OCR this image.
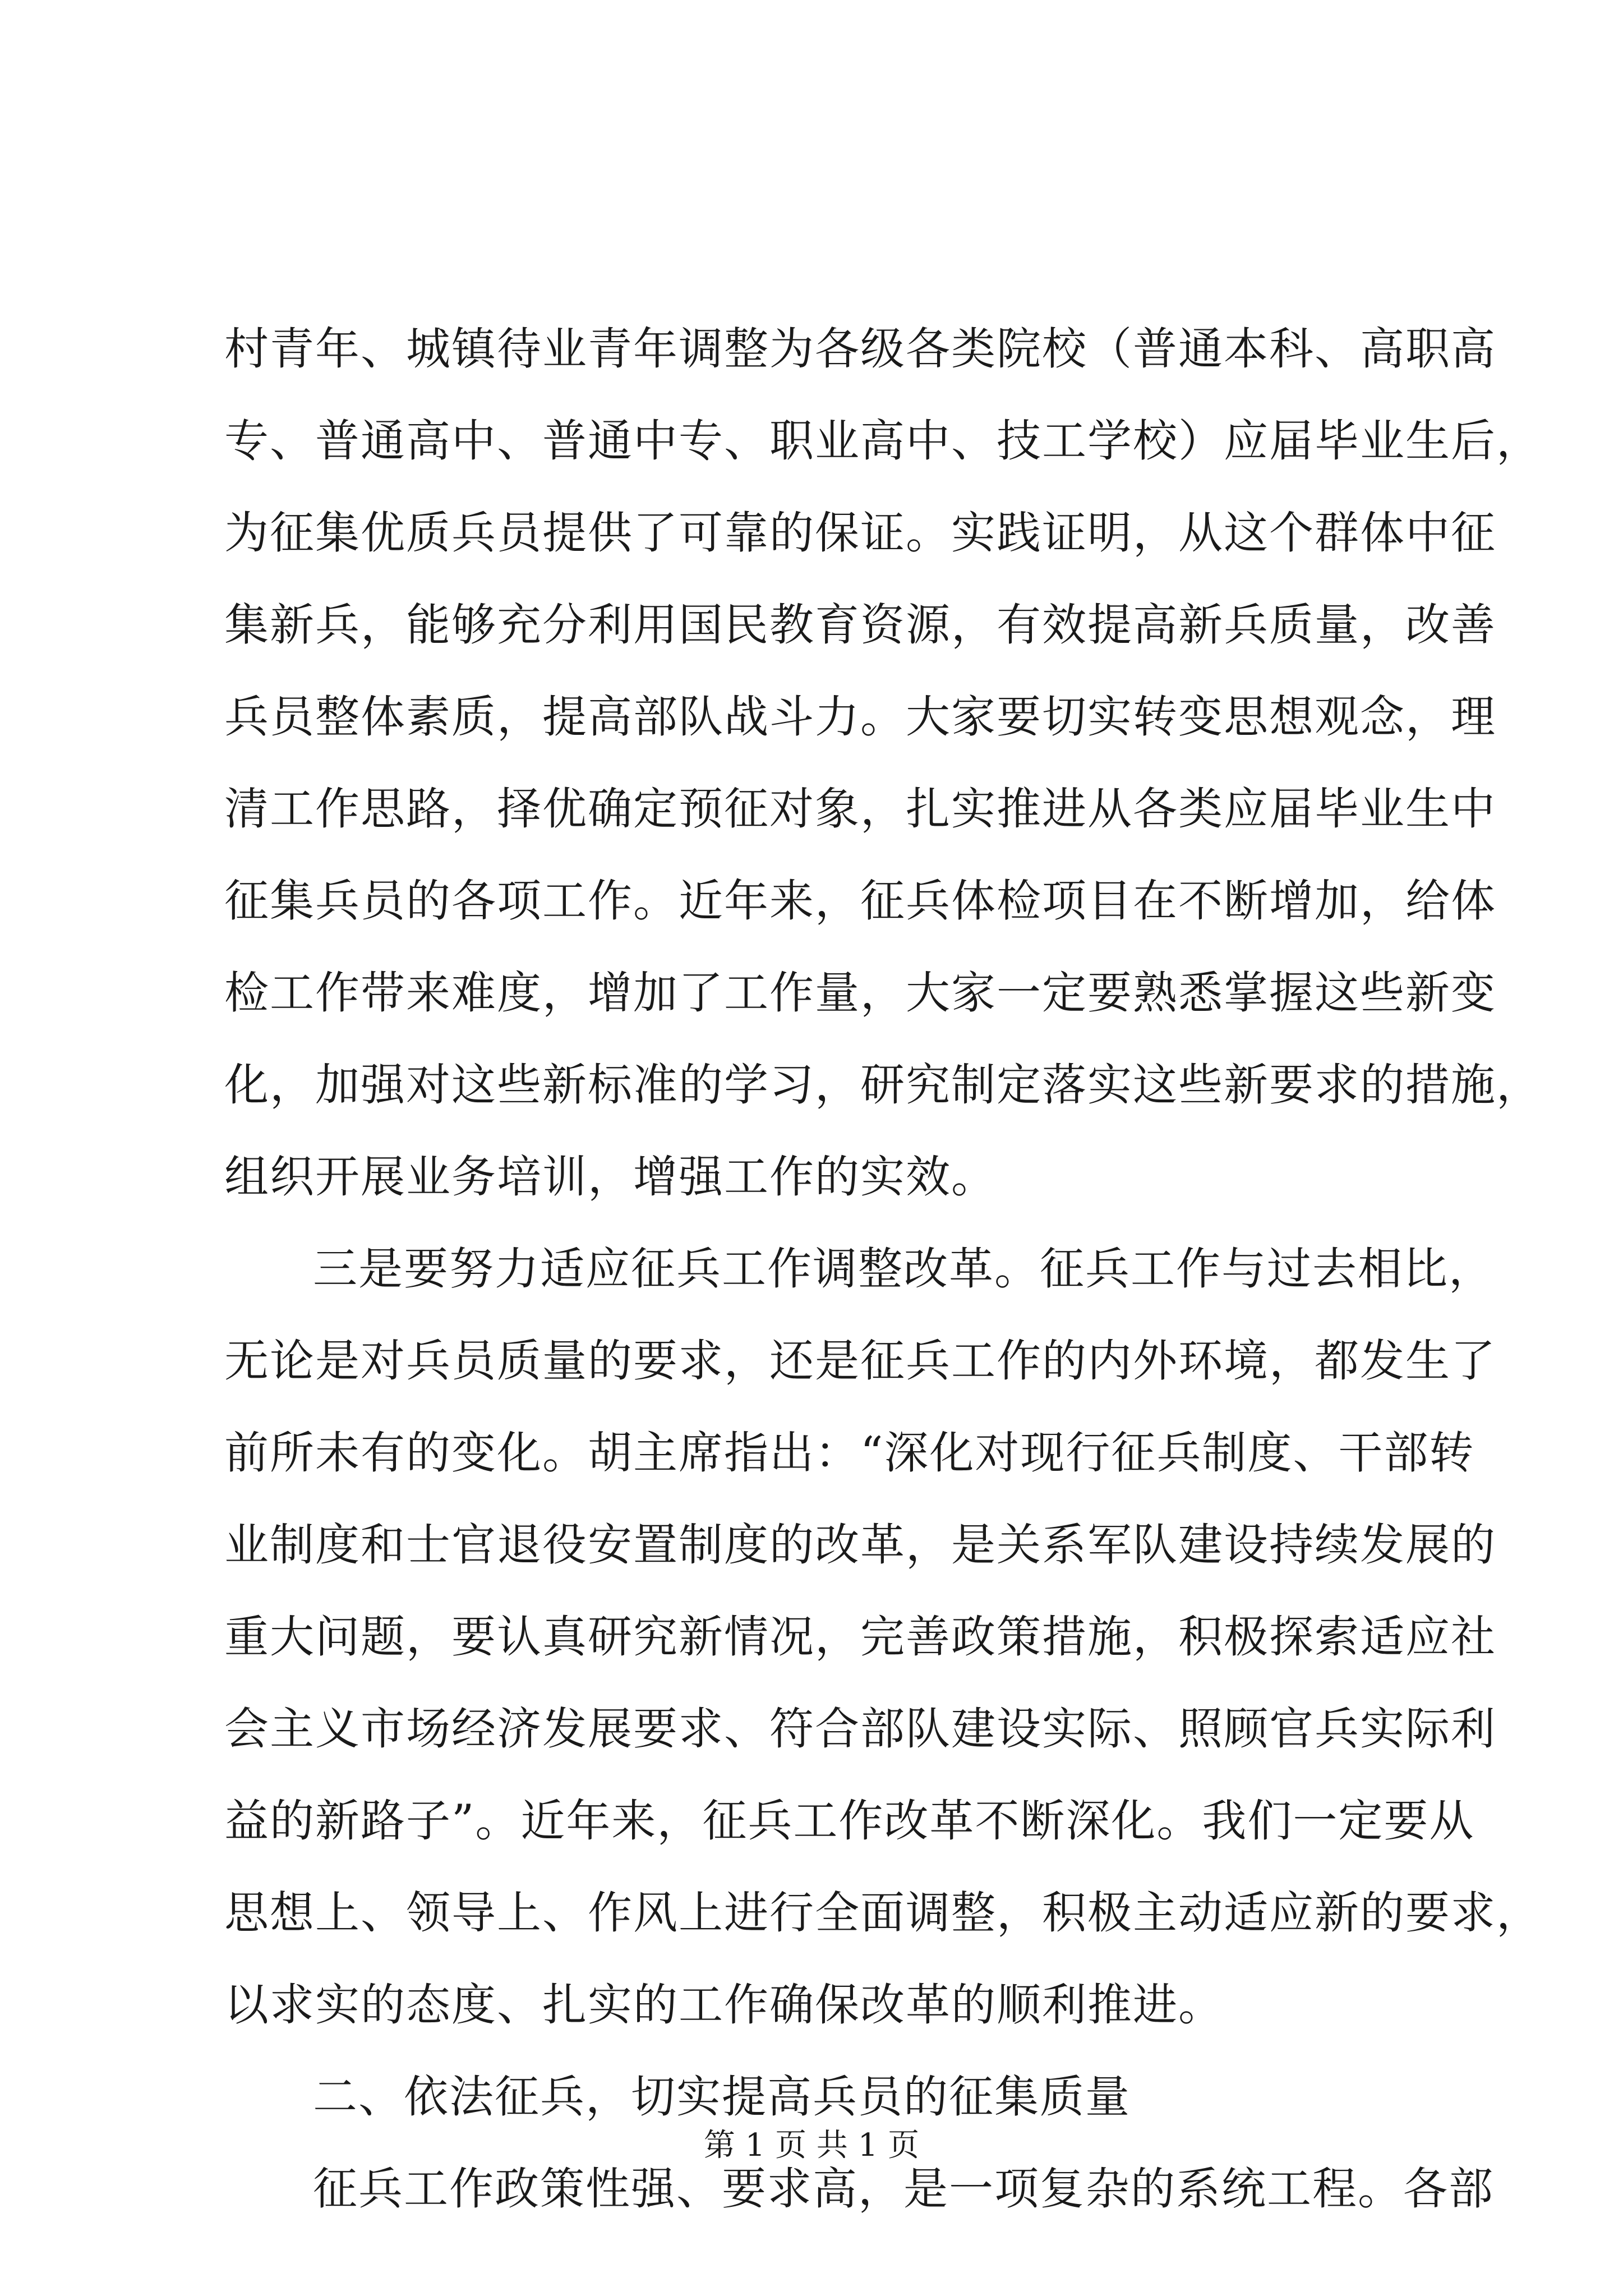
村青年、城镇待业青年调整为各级各类院校（普通本科、高职高
专、普通高中、普通中专、职业高中、技工学校）应届毕业生后，
为征集优质兵员提供了可靠的保证。实践证明，从这个群体中征
集新兵，能够充分利用国民教育资源，有效提高新兵质量，改善
兵员整体素质，提高部队战斗力。大家要切实转变思想观念，理
清工作思路，择优确定预征对象，扎实推进从各类应届毕业生中
征集兵员的各项工作。近年来，征兵体检项目在不断增加，给体
检工作带来难度，增加了工作量，大家一定要熟悉掌握这些新变
化，加强对这些新标准的学习，研究制定落实这些新要求的措施，
组织开展业务培训，增强工作的实效。
三是要努力适应征兵工作调整改革。征兵工作与过去相比，
无论是对兵员质量的要求，还是征兵工作的内外环境，都发生了
前所未有的变化。胡主席指出：“深化对现行征兵制度、干部转
业制度和士官退役安置制度的改革，是关系军队建设持续发展的
重大问题，要认真研究新情况，完善政策措施，积极探索适应社
会主义市场经济发展要求、符合部队建设实际、照顾官兵实际利
益的新路子”。近年来，征兵工作改革不断深化。我们一定要从
思想上、领导上、作风上进行全面调整，积极主动适应新的要求，
以求实的态度、扎实的工作确保改革的顺利推进。
二、依法征兵，切实提高兵员的征集质量
征兵工作政策性强、要求高，是一项复杂的系统工程。各部
第 1 页 共 1 页
